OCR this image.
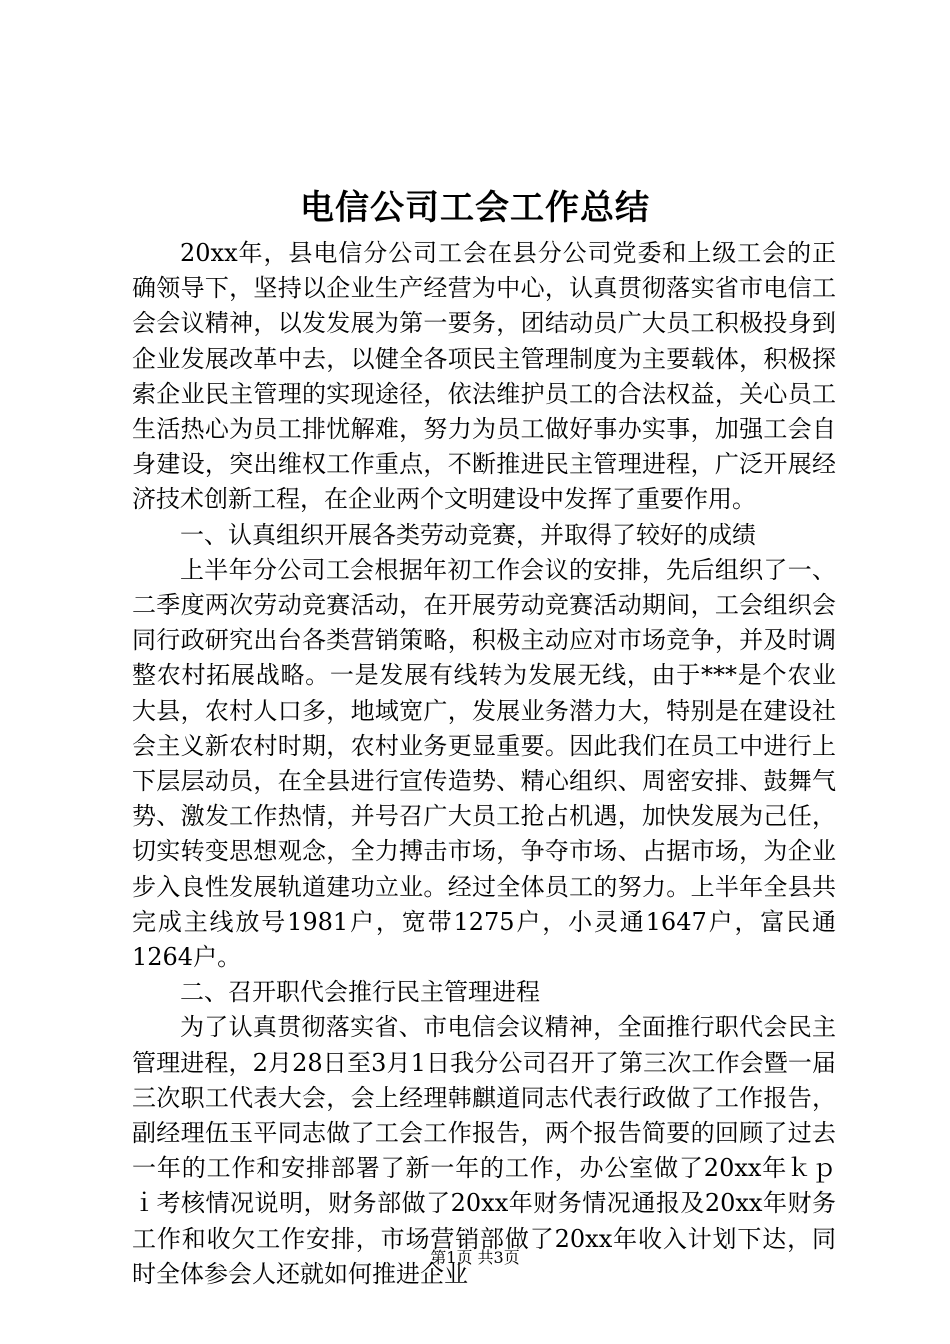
电信公司工会工作总结

20xx年，县电信分公司工会在县分公司党委和上级工会的正确领导下，坚持以企业生产经营为中心，认真贯彻落实省市电信工会会议精神，以发发展为第一要务，团结动员广大员工积极投身到企业发展改革中去，以健全各项民主管理制度为主要载体，积极探索企业民主管理的实现途径，依法维护员工的合法权益，关心员工生活热心为员工排忧解难，努力为员工做好事办实事，加强工会自身建设，突出维权工作重点，不断推进民主管理进程，广泛开展经济技术创新工程，在企业两个文明建设中发挥了重要作用。

一、认真组织开展各类劳动竞赛，并取得了较好的成绩

上半年分公司工会根据年初工作会议的安排，先后组织了一、二季度两次劳动竞赛活动，在开展劳动竞赛活动期间，工会组织会同行政研究出台各类营销策略，积极主动应对市场竞争，并及时调整农村拓展战略。一是发展有线转为发展无线，由于***是个农业大县，农村人口多，地域宽广，发展业务潜力大，特别是在建设社会主义新农村时期，农村业务更显重要。因此我们在员工中进行上下层层动员，在全县进行宣传造势、精心组织、周密安排、鼓舞气势、激发工作热情，并号召广大员工抢占机遇，加快发展为己任，切实转变思想观念，全力搏击市场，争夺市场、占据市场，为企业步入良性发展轨道建功立业。经过全体员工的努力。上半年全县共完成主线放号1981户，宽带1275户，小灵通1647户，富民通1264户。

二、召开职代会推行民主管理进程

为了认真贯彻落实省、市电信会议精神，全面推行职代会民主管理进程，2月28日至3月1日我分公司召开了第三次工作会暨一届三次职工代表大会，会上经理韩麒道同志代表行政做了工作报告，副经理伍玉平同志做了工会工作报告，两个报告简要的回顾了过去一年的工作和安排部署了新一年的工作，办公室做了20xx年ｋｐｉ考核情况说明，财务部做了20xx年财务情况通报及20xx年财务工作和收欠工作安排，市场营销部做了20xx年收入计划下达，同时全体参会人还就如何推进企业

第1页 共3页
